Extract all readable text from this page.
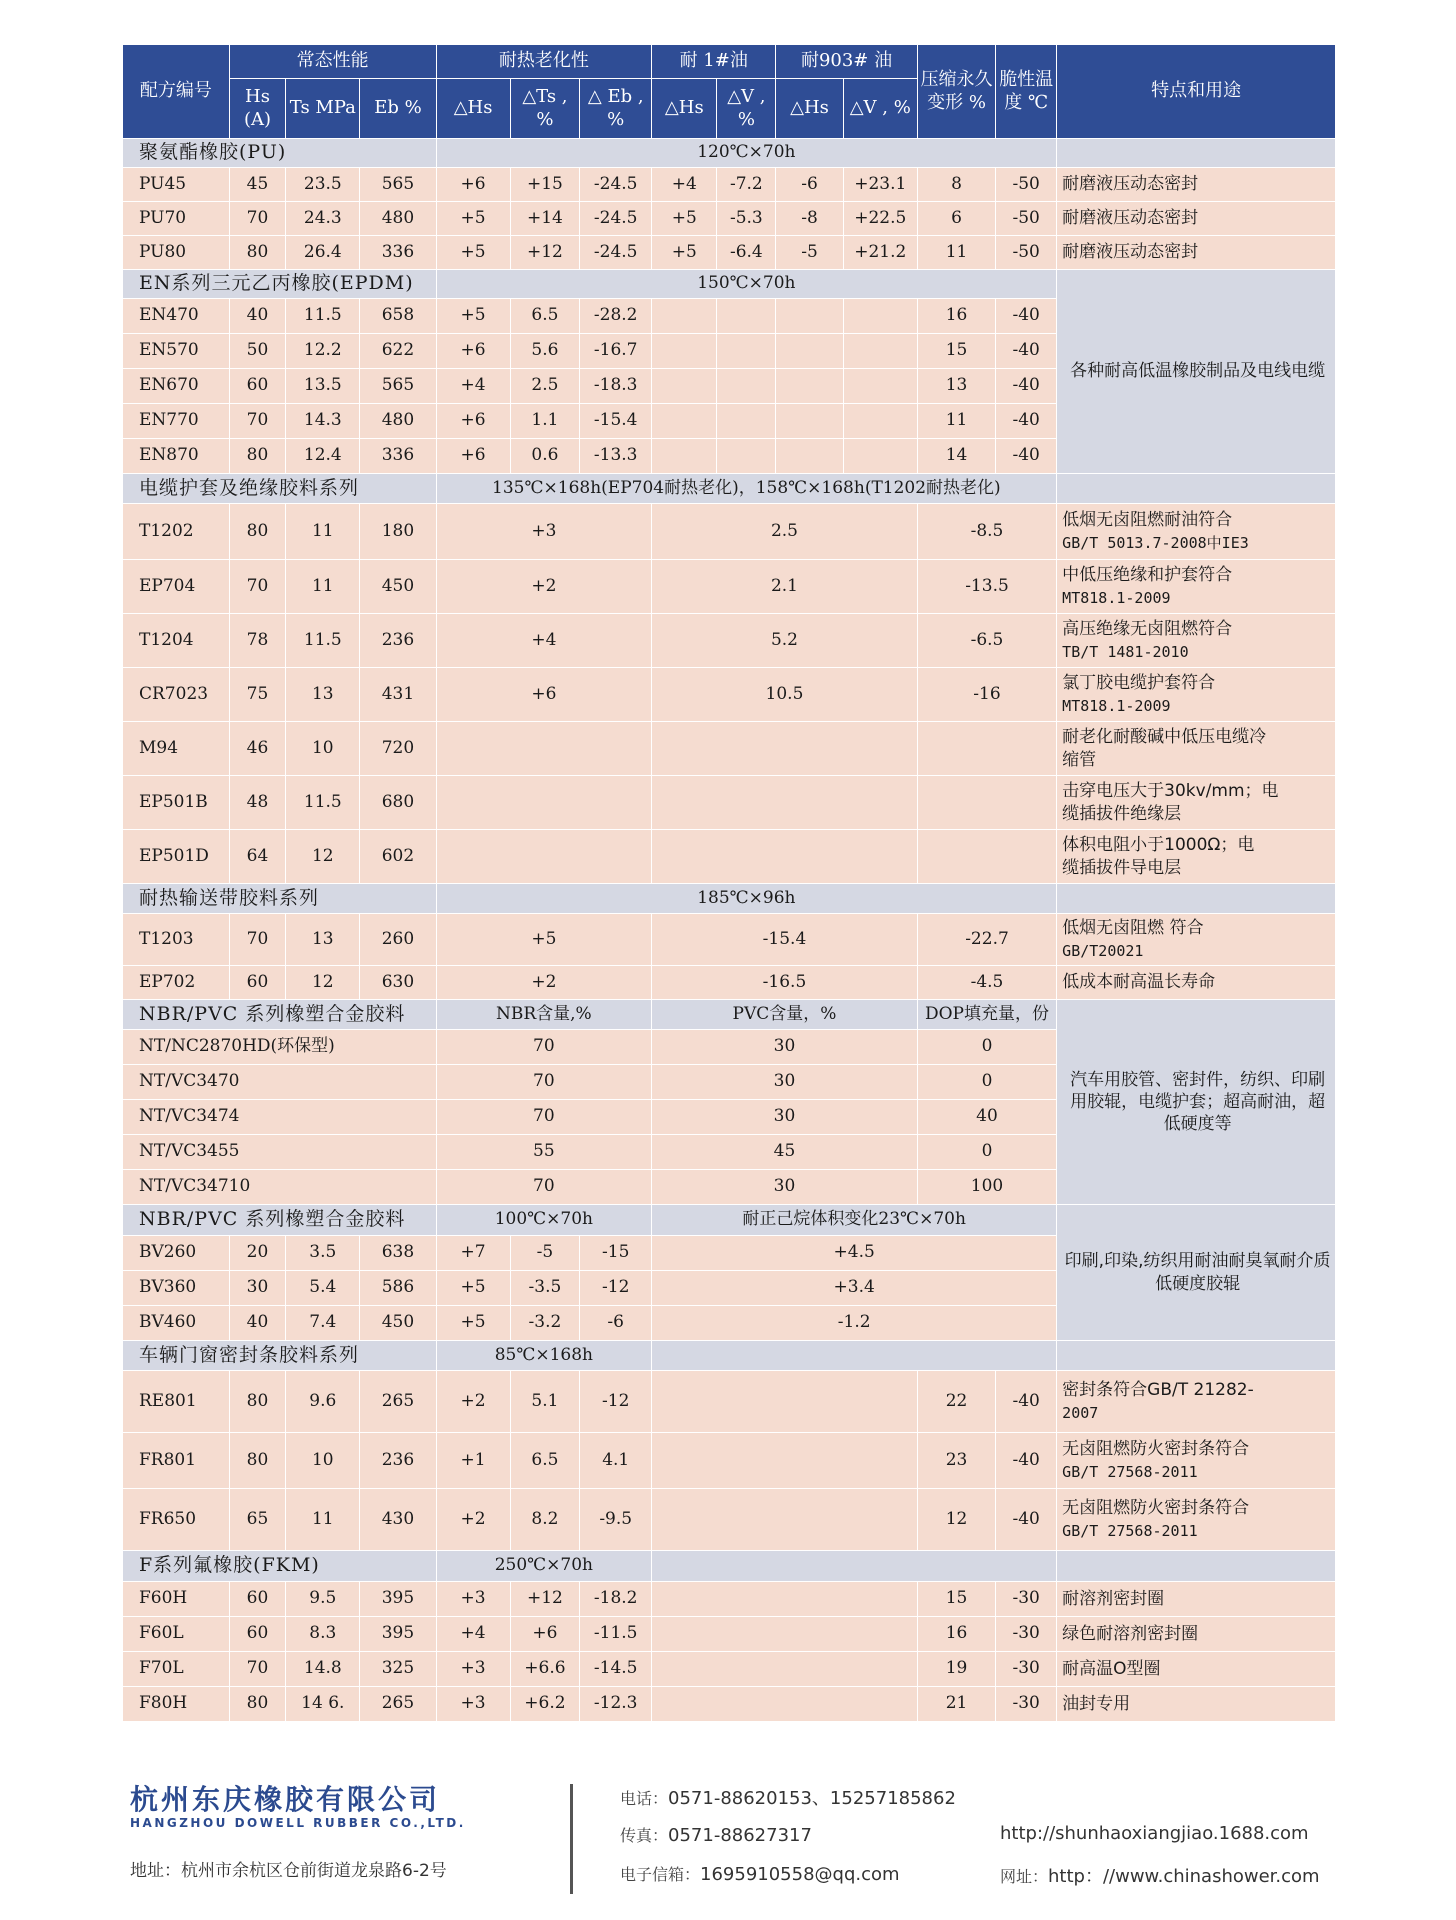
配方编号	常态性能			耐热老化性			耐 1#油		耐903# 油		压缩永久变形 %	脆性温度 ℃	特点和用途
	Hs (A)	Ts MPa	Eb %	△Hs	△Ts , %	△ Eb , %	△Hs	△V , %	△Hs	△V , %			
聚氨酯橡胶(PU)				120℃×70h									
PU45	45	23.5	565	+6	+15	-24.5	+4	-7.2	-6	+23.1	8	-50	耐磨液压动态密封
PU70	70	24.3	480	+5	+14	-24.5	+5	-5.3	-8	+22.5	6	-50	耐磨液压动态密封
PU80	80	26.4	336	+5	+12	-24.5	+5	-6.4	-5	+21.2	11	-50	耐磨液压动态密封
EN系列三元乙丙橡胶(EPDM)				150℃×70h									各种耐高低温橡胶制品及电线电缆
EN470	40	11.5	658	+5	6.5	-28.2					16	-40	
EN570	50	12.2	622	+6	5.6	-16.7					15	-40	
EN670	60	13.5	565	+4	2.5	-18.3					13	-40	
EN770	70	14.3	480	+6	1.1	-15.4					11	-40	
EN870	80	12.4	336	+6	0.6	-13.3					14	-40	
电缆护套及绝缘胶料系列				135℃×168h(EP704耐热老化)，158℃×168h(T1202耐热老化)									
T1202	80	11	180	+3			2.5				-8.5		低烟无卤阻燃耐油符合
GB/T 5013.7-2008中IE3
EP704	70	11	450	+2			2.1				-13.5		中低压绝缘和护套符合
MT818.1-2009
T1204	78	11.5	236	+4			5.2				-6.5		高压绝缘无卤阻燃符合
TB/T 1481-2010
CR7023	75	13	431	+6			10.5				-16		氯丁胶电缆护套符合
MT818.1-2009
M94	46	10	720										耐老化耐酸碱中低压电缆冷
缩管
EP501B	48	11.5	680										击穿电压大于30kv/mm；电
缆插拔件绝缘层
EP501D	64	12	602										体积电阻小于1000Ω；电
缆插拔件导电层
耐热输送带胶料系列				185℃×96h									
T1203	70	13	260	+5			-15.4				-22.7		低烟无卤阻燃 符合
GB/T20021
EP702	60	12	630	+2			-16.5				-4.5		低成本耐高温长寿命
NBR/PVC 系列橡塑合金胶料				NBR含量,%			PVC含量，%				DOP填充量，份		汽车用胶管、密封件，纺织、印刷用胶辊，电缆护套；超高耐油，超低硬度等
NT/NC2870HD(环保型)				70			30				0		
NT/VC3470				70			30				0		
NT/VC3474				70			30				40		
NT/VC3455				55			45				0		
NT/VC34710				70			30				100		
NBR/PVC 系列橡塑合金胶料				100℃×70h			耐正己烷体积变化23℃×70h						印刷,印染,纺织用耐油耐臭氧耐介质低硬度胶辊
BV260	20	3.5	638	+7	-5	-15	+4.5						
BV360	30	5.4	586	+5	-3.5	-12	+3.4						
BV460	40	7.4	450	+5	-3.2	-6	-1.2						
车辆门窗密封条胶料系列				85℃×168h									
RE801	80	9.6	265	+2	5.1	-12					22	-40	密封条符合GB/T 21282-
2007
FR801	80	10	236	+1	6.5	4.1					23	-40	无卤阻燃防火密封条符合
GB/T 27568-2011
FR650	65	11	430	+2	8.2	-9.5					12	-40	无卤阻燃防火密封条符合
GB/T 27568-2011
F系列氟橡胶(FKM)				250℃×70h									
F60H	60	9.5	395	+3	+12	-18.2					15	-30	耐溶剂密封圈
F60L	60	8.3	395	+4	+6	-11.5					16	-30	绿色耐溶剂密封圈
F70L	70	14.8	325	+3	+6.6	-14.5					19	-30	耐高温O型圈
F80H	80	14 6.	265	+3	+6.2	-12.3					21	-30	油封专用
杭州东庆橡胶有限公司
HANGZHOU DOWELL RUBBER CO.,LTD.
地址：杭州市余杭区仓前街道龙泉路6-2号
电话：0571-88620153、15257185862
传真：0571-88627317
电子信箱：1695910558@qq.com
http://shunhaoxiangjiao.1688.com
网址：http：//www.chinashower.com
